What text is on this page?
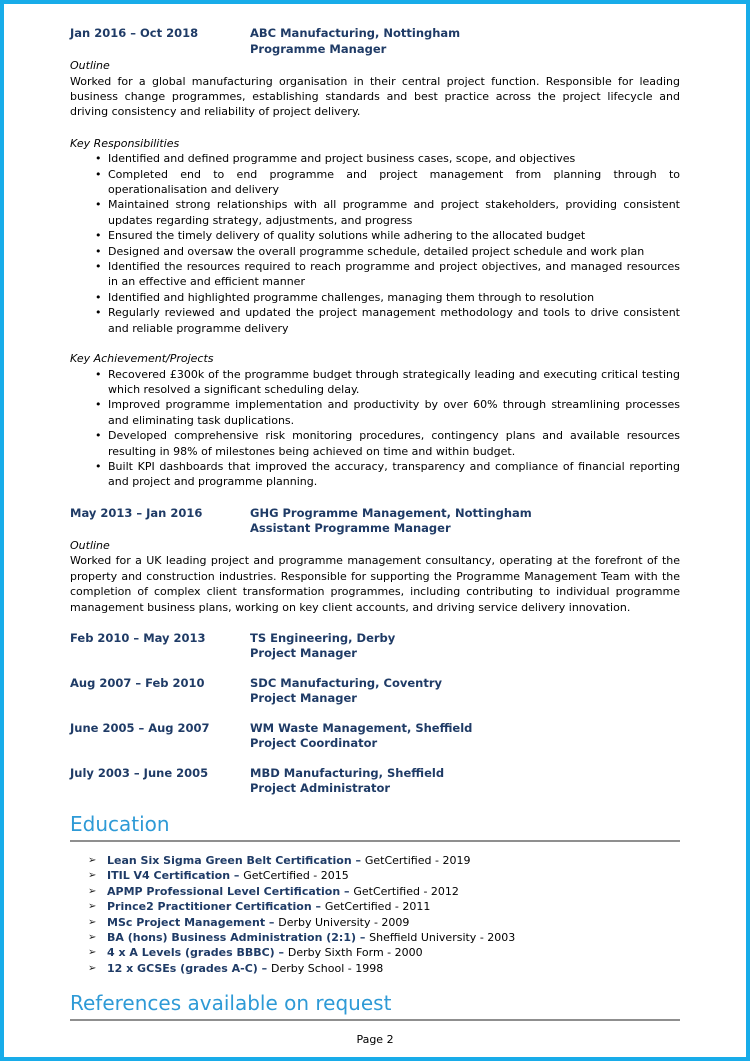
Jan 2016 – Oct 2018	ABC Manufacturing, Nottingham
Programme Manager
Outline

Worked for a global manufacturing organisation in their central project function. Responsible for leading business change programmes, establishing standards and best practice across the project lifecycle and driving consistency and reliability of project delivery.

Key Responsibilities
• Identified and defined programme and project business cases, scope, and objectives
• Completed end to end programme and project management from planning through to operationalisation and delivery
• Maintained strong relationships with all programme and project stakeholders, providing consistent updates regarding strategy, adjustments, and progress
• Ensured the timely delivery of quality solutions while adhering to the allocated budget
• Designed and oversaw the overall programme schedule, detailed project schedule and work plan
• Identified the resources required to reach programme and project objectives, and managed resources in an effective and efficient manner
• Identified and highlighted programme challenges, managing them through to resolution
• Regularly reviewed and updated the project management methodology and tools to drive consistent and reliable programme delivery
Key Achievement/Projects
• Recovered £300k of the programme budget through strategically leading and executing critical testing which resolved a significant scheduling delay.
• Improved programme implementation and productivity by over 60% through streamlining processes and eliminating task duplications.
• Developed comprehensive risk monitoring procedures, contingency plans and available resources resulting in 98% of milestones being achieved on time and within budget.
• Built KPI dashboards that improved the accuracy, transparency and compliance of financial reporting and project and programme planning.
May 2013 – Jan 2016	GHG Programme Management, Nottingham
Assistant Programme Manager
Outline

Worked for a UK leading project and programme management consultancy, operating at the forefront of the property and construction industries. Responsible for supporting the Programme Management Team with the completion of complex client transformation programmes, including contributing to individual programme management business plans, working on key client accounts, and driving service delivery innovation.

Feb 2010 – May 2013	TS Engineering, Derby
Project Manager
Aug 2007 – Feb 2010	SDC Manufacturing, Coventry
Project Manager
June 2005 – Aug 2007	WM Waste Management, Sheffield
Project Coordinator
July 2003 – June 2005	MBD Manufacturing, Sheffield
Project Administrator
Education
➢ Lean Six Sigma Green Belt Certification – GetCertified - 2019
➢ ITIL V4 Certification – GetCertified - 2015
➢ APMP Professional Level Certification – GetCertified - 2012
➢ Prince2 Practitioner Certification – GetCertified - 2011
➢ MSc Project Management – Derby University - 2009
➢ BA (hons) Business Administration (2:1) – Sheffield University - 2003
➢ 4 x A Levels (grades BBBC) – Derby Sixth Form - 2000
➢ 12 x GCSEs (grades A-C) – Derby School - 1998
References available on request
Page 2
